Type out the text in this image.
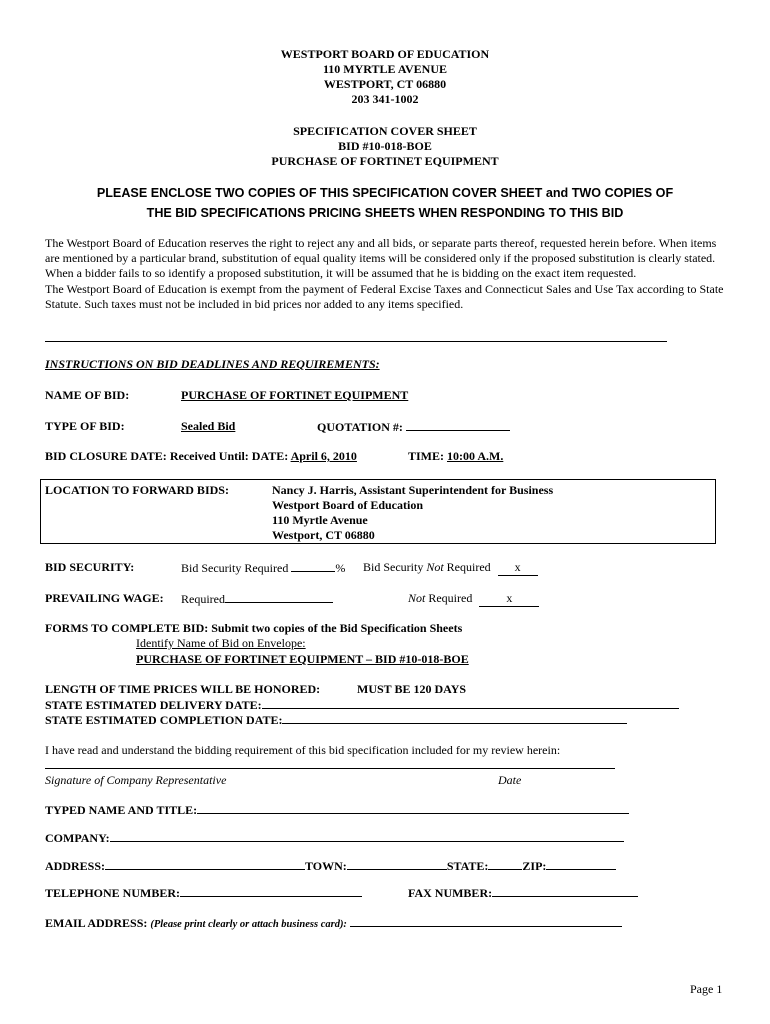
WESTPORT BOARD OF EDUCATION
110 MYRTLE AVENUE
WESTPORT, CT 06880
203 341-1002
SPECIFICATION COVER SHEET
BID #10-018-BOE
PURCHASE OF FORTINET EQUIPMENT
PLEASE ENCLOSE TWO COPIES OF THIS SPECIFICATION COVER SHEET and TWO COPIES OF
THE BID SPECIFICATIONS PRICING SHEETS WHEN RESPONDING TO THIS BID
The Westport Board of Education reserves the right to reject any and all bids, or separate parts thereof, requested herein before. When items are mentioned by a particular brand, substitution of equal quality items will be considered only if the proposed substitution is clearly stated. When a bidder fails to so identify a proposed substitution, it will be assumed that he is bidding on the exact item requested.
The Westport Board of Education is exempt from the payment of Federal Excise Taxes and Connecticut Sales and Use Tax according to State Statute. Such taxes must not be included in bid prices nor added to any items specified.
INSTRUCTIONS ON BID DEADLINES AND REQUIREMENTS:
NAME OF BID:	PURCHASE OF FORTINET EQUIPMENT
TYPE OF BID:	Sealed Bid	QUOTATION #:
BID CLOSURE DATE: Received Until: DATE: April 6, 2010	TIME: 10:00 A.M.
LOCATION TO FORWARD BIDS:	Nancy J. Harris, Assistant Superintendent for Business
Westport Board of Education
110 Myrtle Avenue
Westport, CT 06880
BID SECURITY:	Bid Security Required	% Bid Security Not Required x
PREVAILING WAGE: Required	Not Required	x
FORMS TO COMPLETE BID: Submit two copies of the Bid Specification Sheets
Identify Name of Bid on Envelope:
PURCHASE OF FORTINET EQUIPMENT – BID #10-018-BOE
LENGTH OF TIME PRICES WILL BE HONORED:	MUST BE 120 DAYS
STATE ESTIMATED DELIVERY DATE:
STATE ESTIMATED COMPLETION DATE:
I have read and understand the bidding requirement of this bid specification included for my review herein:
Signature of Company Representative	Date
TYPED NAME AND TITLE:
COMPANY:
ADDRESS:	TOWN:	STATE:	ZIP:
TELEPHONE NUMBER:	FAX NUMBER:
EMAIL ADDRESS: (Please print clearly or attach business card):
Page 1
